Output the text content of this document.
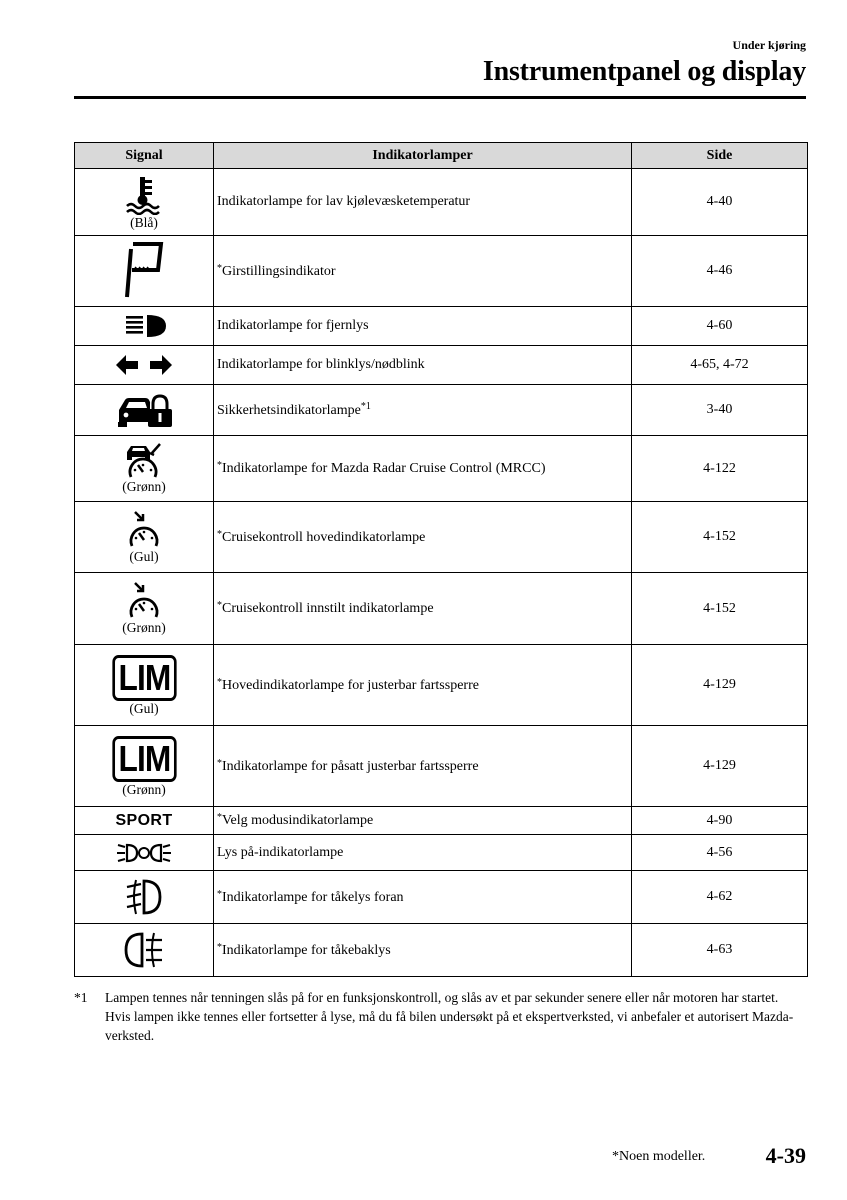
Under kjøring
Instrumentpanel og display
Signal	Indikatorlamper	Side

(Blå)	Indikatorlampe for lav kjølevæsketemperatur	4-40

	*Girstillingsindikator	4-46

	Indikatorlampe for fjernlys	4-60

	Indikatorlampe for blinklys/nødblink	4-65, 4-72

	Sikkerhetsindikatorlampe$^{*1}$	3-40

(Grønn)	*Indikatorlampe for Mazda Radar Cruise Control (MRCC)	4-122

(Gul)	*Cruisekontroll hovedindikatorlampe	4-152

(Grønn)	*Cruisekontroll innstilt indikatorlampe	4-152
LIM
(Gul)	*Hovedindikatorlampe for justerbar fartssperre	4-129
LIM
(Grønn)	*Indikatorlampe for påsatt justerbar fartssperre	4-129
SPORT	*Velg modusindikatorlampe	4-90

	Lys på-indikatorlampe	4-56

	*Indikatorlampe for tåkelys foran	4-62

	*Indikatorlampe for tåkebaklys	4-63
*1 Lampen tennes når tenningen slås på for en funksjonskontroll, og slås av et par sekunder senere eller når motoren har startet. Hvis lampen ikke tennes eller fortsetter å lyse, må du få bilen undersøkt på et ekspertverksted, vi anbefaler et autorisert Mazda-verksted.
*Noen modeller.	4-39
